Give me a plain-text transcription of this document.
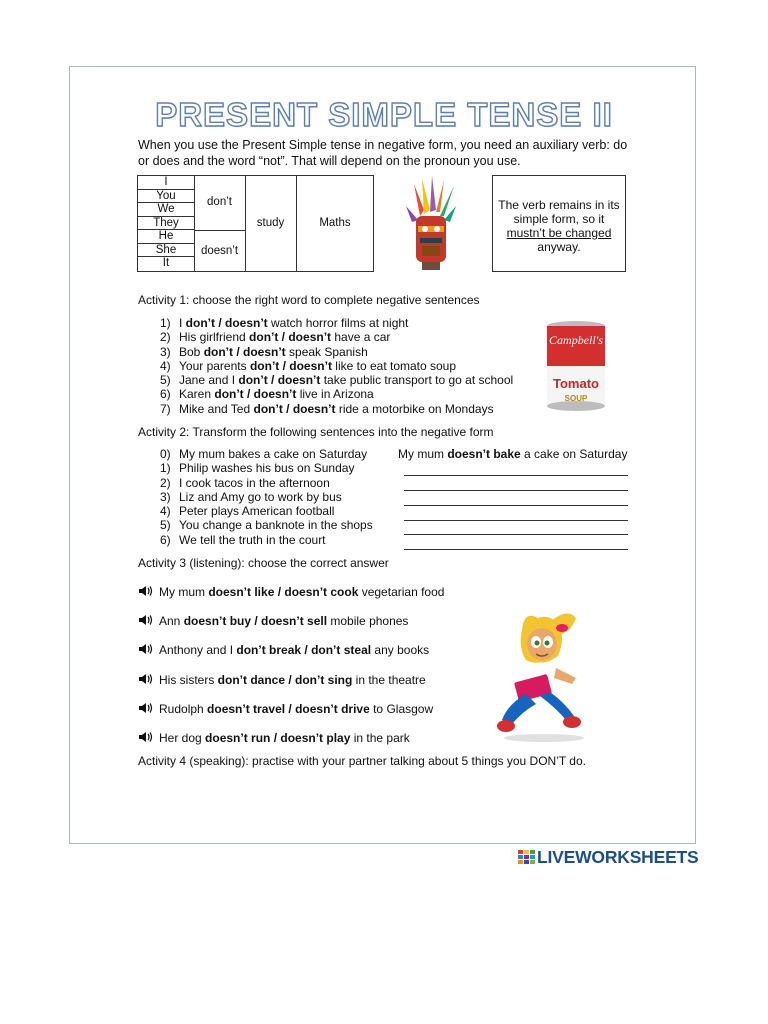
PRESENT SIMPLE TENSE II
When you use the Present Simple tense in negative form, you need an auxiliary verb: do or does and the word “not”. That will depend on the pronoun you use.
I
You
We
They
He
She
It
don’t
doesn’t
study	Maths
The verb remains in its simple form, so it
mustn’t be changed
anyway.
Activity 1: choose the right word to complete negative sentences
1) I don’t / doesn’t watch horror films at night
2) His girlfriend don’t / doesn’t have a car
3) Bob don’t / doesn’t speak Spanish
4) Your parents don’t / doesn’t like to eat tomato soup
5) Jane and I don’t / doesn’t take public transport to go at school
6) Karen don’t / doesn’t live in Arizona
7) Mike and Ted don’t / doesn’t ride a motorbike on Mondays
Campbell's
Tomato
SOUP
Activity 2: Transform the following sentences into the negative form
0) My mum bakes a cake on Saturday
1) Philip washes his bus on Sunday
2) I cook tacos in the afternoon
3) Liz and Amy go to work by bus
4) Peter plays American football
5) You change a banknote in the shops
6) We tell the truth in the court
My mum doesn’t bake a cake on Saturday
Activity 3 (listening): choose the correct answer
My mum doesn’t like / doesn’t cook vegetarian food
Ann doesn’t buy / doesn’t sell mobile phones
Anthony and I don’t break / don’t steal any books
His sisters don’t dance / don’t sing in the theatre
Rudolph doesn’t travel / doesn’t drive to Glasgow
Her dog doesn’t run / doesn’t play in the park
Activity 4 (speaking): practise with your partner talking about 5 things you DON’T do.
LIVEWORKSHEETS
